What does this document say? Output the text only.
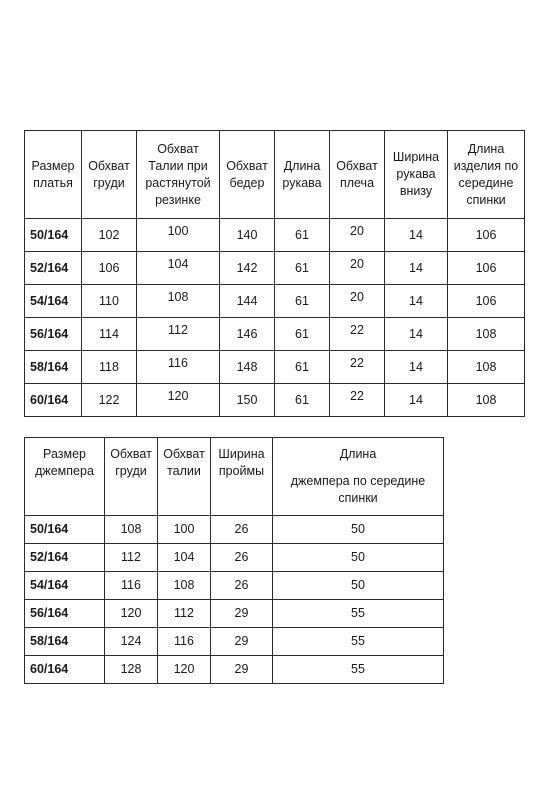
Размер платья	Обхват груди	Обхват Талии при растянутой резинке	Обхват бедер	Длина рукава	Обхват плеча	Ширина рукава внизу	Длина изделия по середине спинки
50/164	102	100	140	61	20	14	106
52/164	106	104	142	61	20	14	106
54/164	110	108	144	61	20	14	106
56/164	114	112	146	61	22	14	108
58/164	118	116	148	61	22	14	108
60/164	122	120	150	61	22	14	108
Размер джемпера	Обхват груди	Обхват талии	Ширина проймы	Длина
джемпера по середине спинки

50/164	108	100	26	50
52/164	112	104	26	50
54/164	116	108	26	50
56/164	120	112	29	55
58/164	124	116	29	55
60/164	128	120	29	55
